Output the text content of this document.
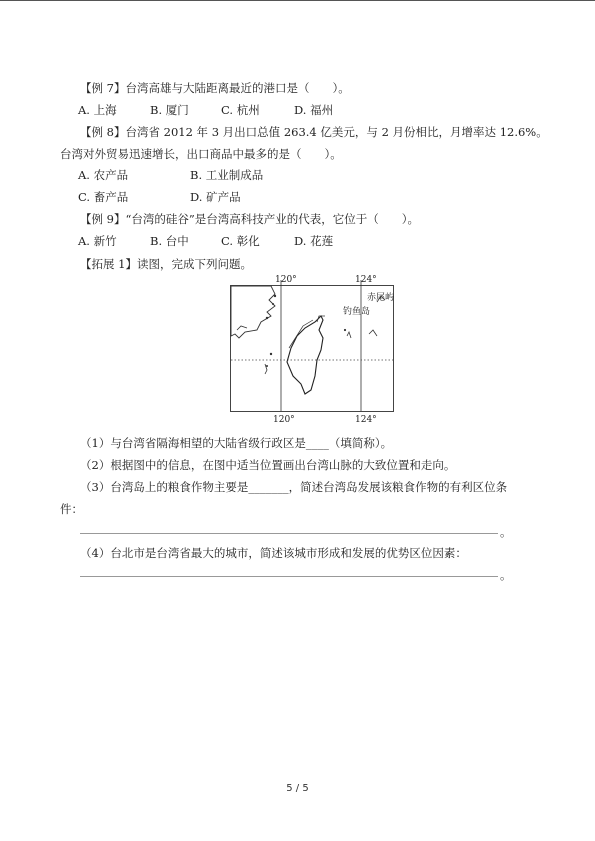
【例 7】台湾高雄与大陆距离最近的港口是（　　）。
A. 上海	B. 厦门	C. 杭州	D. 福州
【例 8】台湾省 2012 年 3 月出口总值 263.4 亿美元，与 2 月份相比，月增率达 12.6%。
台湾对外贸易迅速增长，出口商品中最多的是（　　）。
A. 农产品	B. 工业制成品
C. 畜产品	D. 矿产品
【例 9】“台湾的硅谷”是台湾高科技产业的代表，它位于（　　）。
A. 新竹	B. 台中	C. 彰化	D. 花莲
【拓展 1】读图，完成下列问题。
钓鱼岛
赤尾屿
120°	124°
120°	124°
（1）与台湾省隔海相望的大陆省级行政区是____（填简称）。
（2）根据图中的信息，在图中适当位置画出台湾山脉的大致位置和走向。
（3）台湾岛上的粮食作物主要是_______，简述台湾岛发展该粮食作物的有利区位条
件：
。
（4）台北市是台湾省最大的城市，简述该城市形成和发展的优势区位因素：
。
5 / 5
